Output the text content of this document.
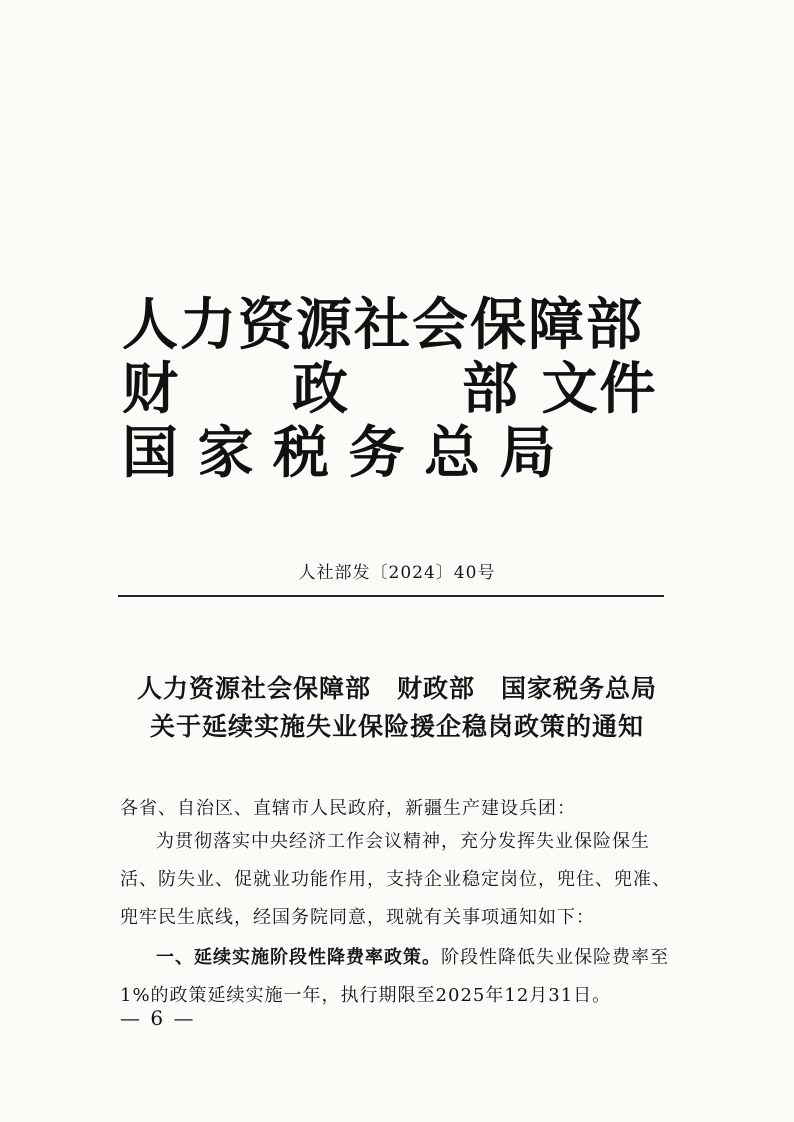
人力资源社会保障部
财 政 部 文件
国 家 税 务 总 局
人社部发〔2024〕40号
人力资源社会保障部　财政部　国家税务总局
关于延续实施失业保险援企稳岗政策的通知
各省、自治区、直辖市人民政府，新疆生产建设兵团：
为贯彻落实中央经济工作会议精神，充分发挥失业保险保生活、防失业、促就业功能作用，支持企业稳定岗位，兜住、兜准、兜牢民生底线，经国务院同意，现就有关事项通知如下：
一、延续实施阶段性降费率政策。阶段性降低失业保险费率至1%的政策延续实施一年，执行期限至2025年12月31日。
— 6 —
